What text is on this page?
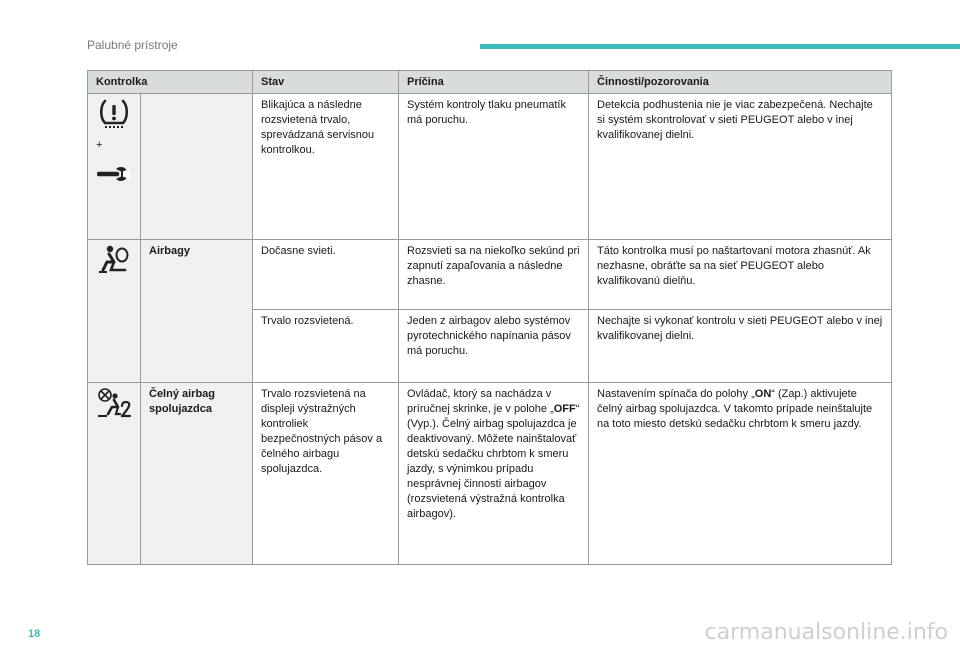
Palubné prístroje
Kontrolka		Stav	Príčina	Činnosti/pozorovania

+		Blikajúca a následne rozsvietená trvalo, sprevádzaná servisnou kontrolkou.	Systém kontroly tlaku pneumatík má poruchu.	Detekcia podhustenia nie je viac zabezpečená. Nechajte si systém skontrolovať v sieti PEUGEOT alebo v inej kvalifikovanej dielni.

	Airbagy	Dočasne svieti.	Rozsvieti sa na niekoľko sekúnd pri zapnutí zapaľovania a následne zhasne.	Táto kontrolka musí po naštartovaní motora zhasnúť. Ak nezhasne, obráťte sa na sieť PEUGEOT alebo kvalifikovanú dielňu.
		Trvalo rozsvietená.	Jeden z airbagov alebo systémov pyrotechnického napínania pásov má poruchu.	Nechajte si vykonať kontrolu v sieti PEUGEOT alebo v inej kvalifikovanej dielni.

	Čelný airbag spolujazdca	Trvalo rozsvietená na displeji výstražných kontroliek bezpečnostných pásov a čelného airbagu spolujazdca.	Ovládač, ktorý sa nachádza v príručnej skrinke, je v polohe „OFF“ (Vyp.). Čelný airbag spolujazdca je deaktivovaný. Môžete nainštalovať detskú sedačku chrbtom k smeru jazdy, s výnimkou prípadu nesprávnej činnosti airbagov (rozsvietená výstražná kontrolka airbagov).	Nastavením spínača do polohy „ON“ (Zap.) aktivujete čelný airbag spolujazdca. V takomto prípade neinštalujte na toto miesto detskú sedačku chrbtom k smeru jazdy.
18	carmanualsonline.info
